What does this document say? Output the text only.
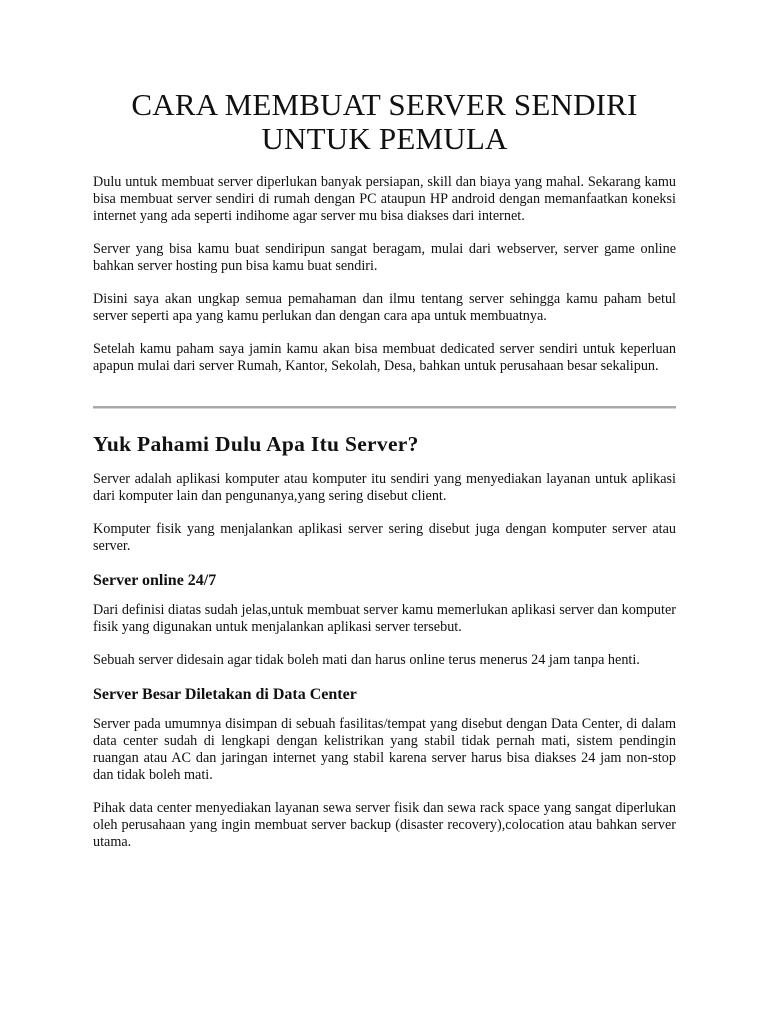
CARA MEMBUAT SERVER SENDIRI
UNTUK PEMULA

Dulu untuk membuat server diperlukan banyak persiapan, skill dan biaya yang mahal. Sekarang kamu bisa membuat server sendiri di rumah dengan PC ataupun HP android dengan memanfaatkan koneksi internet yang ada seperti indihome agar server mu bisa diakses dari internet.

Server yang bisa kamu buat sendiripun sangat beragam, mulai dari webserver, server game online bahkan server hosting pun bisa kamu buat sendiri.

Disini saya akan ungkap semua pemahaman dan ilmu tentang server sehingga kamu paham betul server seperti apa yang kamu perlukan dan dengan cara apa untuk membuatnya.

Setelah kamu paham saya jamin kamu akan bisa membuat dedicated server sendiri untuk keperluan apapun mulai dari server Rumah, Kantor, Sekolah, Desa, bahkan untuk perusahaan besar sekalipun.

Yuk Pahami Dulu Apa Itu Server?

Server adalah aplikasi komputer atau komputer itu sendiri yang menyediakan layanan untuk aplikasi dari komputer lain dan pengunanya,yang sering disebut client.

Komputer fisik yang menjalankan aplikasi server sering disebut juga dengan komputer server atau server.

Server online 24/7

Dari definisi diatas sudah jelas,untuk membuat server kamu memerlukan aplikasi server dan komputer fisik yang digunakan untuk menjalankan aplikasi server tersebut.

Sebuah server didesain agar tidak boleh mati dan harus online terus menerus 24 jam tanpa henti.

Server Besar Diletakan di Data Center

Server pada umumnya disimpan di sebuah fasilitas/tempat yang disebut dengan Data Center, di dalam data center sudah di lengkapi dengan kelistrikan yang stabil tidak pernah mati, sistem pendingin ruangan atau AC dan jaringan internet yang stabil karena server harus bisa diakses 24 jam non-stop dan tidak boleh mati.

Pihak data center menyediakan layanan sewa server fisik dan sewa rack space yang sangat diperlukan oleh perusahaan yang ingin membuat server backup (disaster recovery),colocation atau bahkan server utama.
